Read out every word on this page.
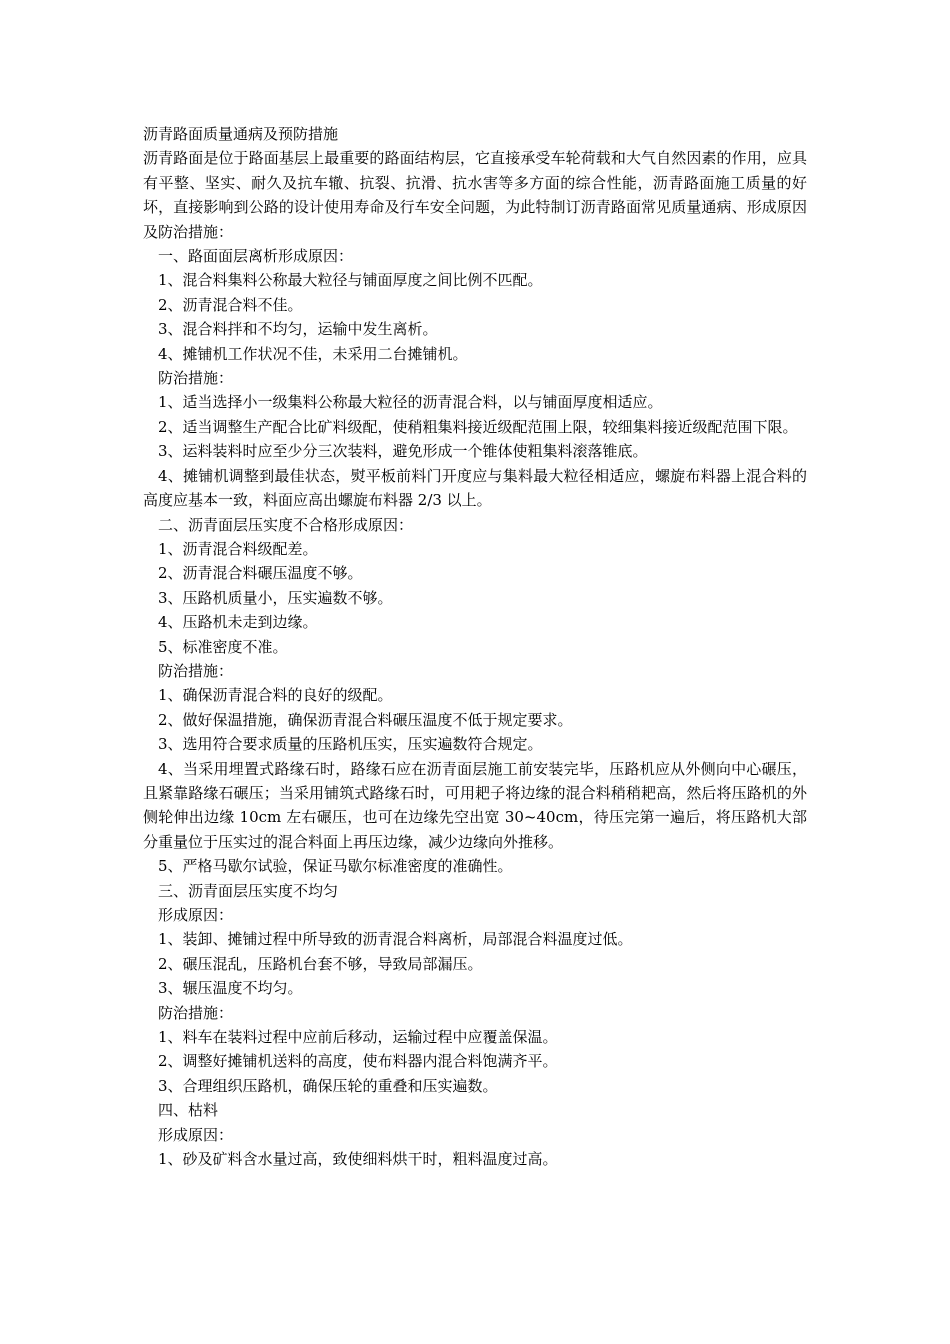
沥青路面质量通病及预防措施

沥青路面是位于路面基层上最重要的路面结构层，它直接承受车轮荷载和大气自然因素的作用，应具有平整、坚实、耐久及抗车辙、抗裂、抗滑、抗水害等多方面的综合性能，沥青路面施工质量的好坏，直接影响到公路的设计使用寿命及行车安全问题，为此特制订沥青路面常见质量通病、形成原因及防治措施：

一、路面面层离析形成原因：

1、混合料集料公称最大粒径与铺面厚度之间比例不匹配。

2、沥青混合料不佳。

3、混合料拌和不均匀，运输中发生离析。

4、摊铺机工作状况不佳，未采用二台摊铺机。

防治措施：

1、适当选择小一级集料公称最大粒径的沥青混合料，以与铺面厚度相适应。

2、适当调整生产配合比矿料级配，使稍粗集料接近级配范围上限，较细集料接近级配范围下限。

3、运料装料时应至少分三次装料，避免形成一个锥体使粗集料滚落锥底。

4、摊铺机调整到最佳状态，熨平板前料门开度应与集料最大粒径相适应，螺旋布料器上混合料的高度应基本一致，料面应高出螺旋布料器 2/3 以上。

二、沥青面层压实度不合格形成原因：

1、沥青混合料级配差。

2、沥青混合料碾压温度不够。

3、压路机质量小，压实遍数不够。

4、压路机未走到边缘。

5、标准密度不准。

防治措施：

1、确保沥青混合料的良好的级配。

2、做好保温措施，确保沥青混合料碾压温度不低于规定要求。

3、选用符合要求质量的压路机压实，压实遍数符合规定。

4、当采用埋置式路缘石时，路缘石应在沥青面层施工前安装完毕，压路机应从外侧向中心碾压，且紧靠路缘石碾压；当采用铺筑式路缘石时，可用耙子将边缘的混合料稍稍耙高，然后将压路机的外侧轮伸出边缘 10cm 左右碾压，也可在边缘先空出宽 30~40cm，待压完第一遍后，将压路机大部分重量位于压实过的混合料面上再压边缘，减少边缘向外推移。

5、严格马歇尔试验，保证马歇尔标准密度的准确性。

三、沥青面层压实度不均匀

形成原因：

1、装卸、摊铺过程中所导致的沥青混合料离析，局部混合料温度过低。

2、碾压混乱，压路机台套不够，导致局部漏压。

3、辗压温度不均匀。

防治措施：

1、料车在装料过程中应前后移动，运输过程中应覆盖保温。

2、调整好摊铺机送料的高度，使布料器内混合料饱满齐平。

3、合理组织压路机，确保压轮的重叠和压实遍数。

四、枯料

形成原因：

1、砂及矿料含水量过高，致使细料烘干时，粗料温度过高。
